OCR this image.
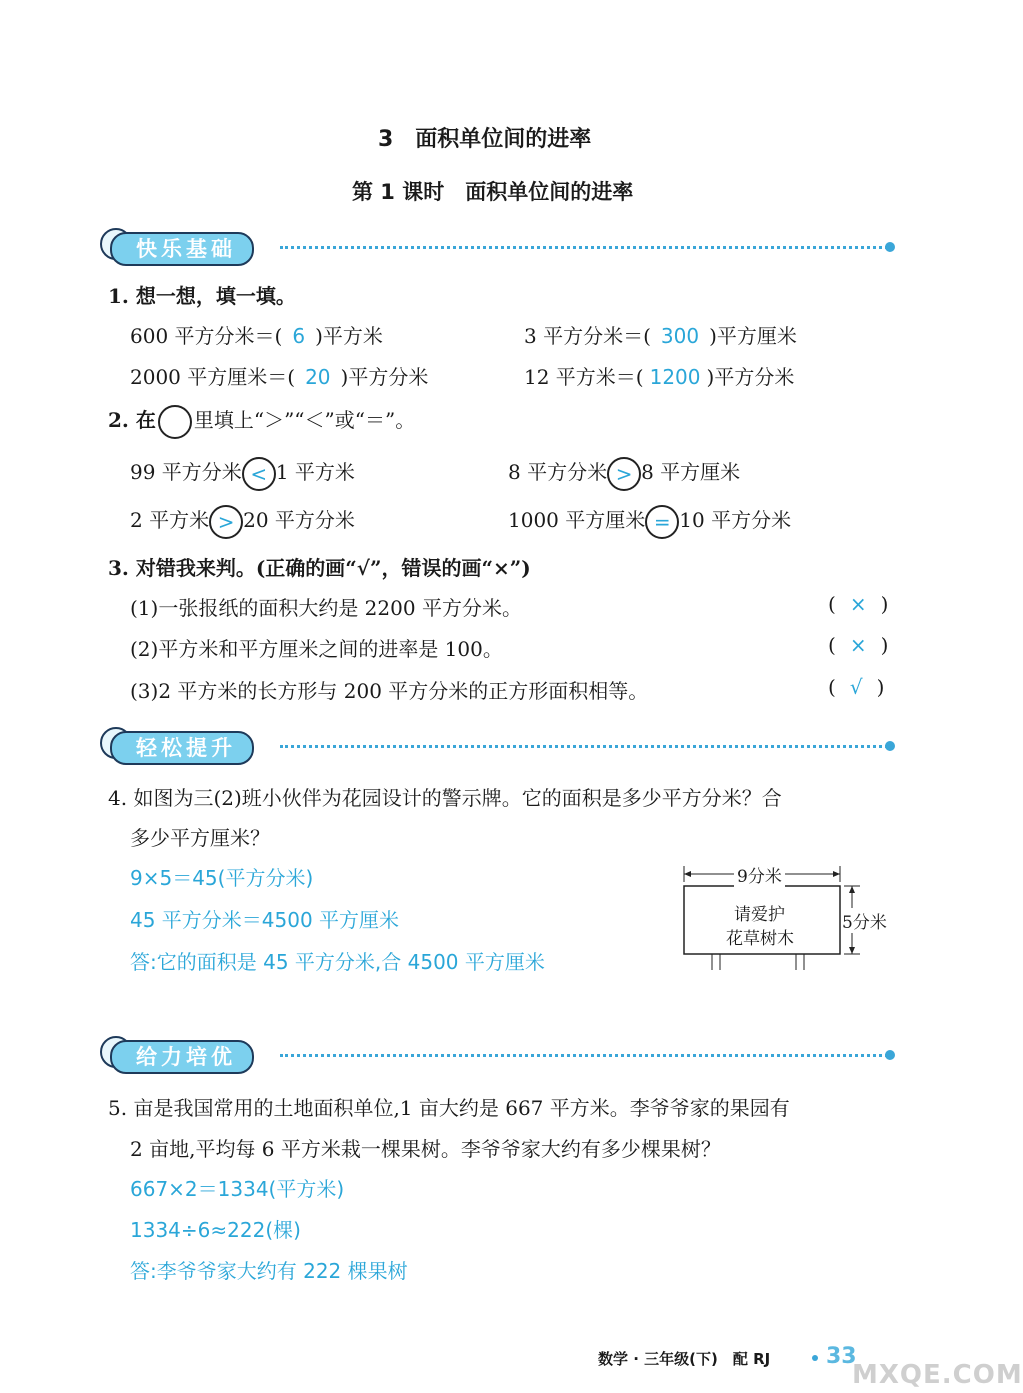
3　面积单位间的进率
第 1 课时　面积单位间的进率
快乐基础
1. 想一想，填一填。
600 平方分米＝( 6 )平方米	3 平方分米＝( 300 )平方厘米
2000 平方厘米＝( 20 )平方分米	12 平方米＝( 1200 )平方分米
2. 在 里填上“＞”“＜”或“＝”。
99 平方分米 < 1 平方米	8 平方分米 > 8 平方厘米
2 平方米 > 20 平方分米	1000 平方厘米 = 10 平方分米
3. 对错我来判。(正确的画“√”，错误的画“×”)
(1)一张报纸的面积大约是 2200 平方分米。	( × )
(2)平方米和平方厘米之间的进率是 100。	( × )
(3)2 平方米的长方形与 200 平方分米的正方形面积相等。	( √ )
轻松提升
4. 如图为三(2)班小伙伴为花园设计的警示牌。它的面积是多少平方分米？合
多少平方厘米？
9×5＝45(平方分米)
45 平方分米＝4500 平方厘米
答:它的面积是 45 平方分米,合 4500 平方厘米
9分米
5分米
请爱护
花草树木
给力培优
5. 亩是我国常用的土地面积单位,1 亩大约是 667 平方米。李爷爷家的果园有
2 亩地,平均每 6 平方米栽一棵果树。李爷爷家大约有多少棵果树？
667×2＝1334(平方米)
1334÷6≈222(棵)
答:李爷爷家大约有 222 棵果树
数学 · 三年级(下)　配 RJ	33
MXQE.COM
